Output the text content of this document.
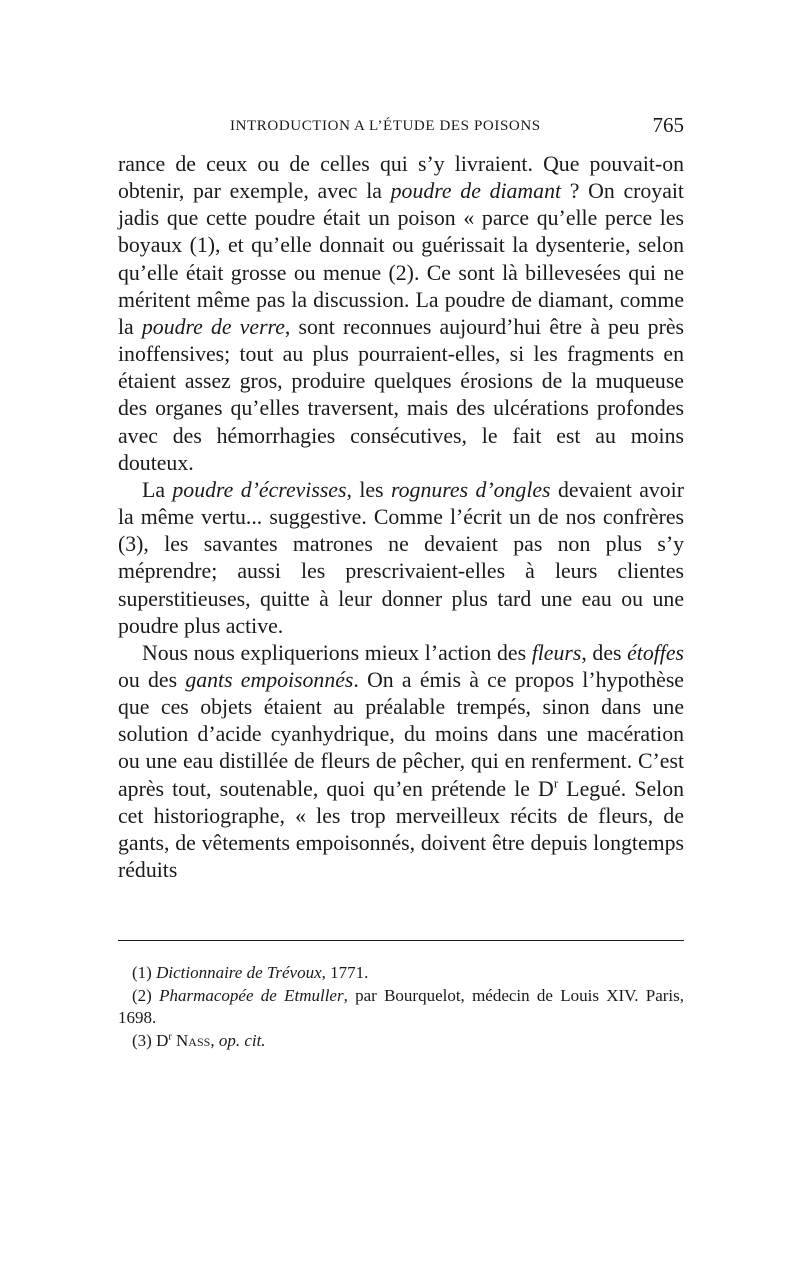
INTRODUCTION A L’ÉTUDE DES POISONS	765

rance de ceux ou de celles qui s’y livraient. Que pouvait-on obtenir, par exemple, avec la poudre de diamant ? On croyait jadis que cette poudre était un poison « parce qu’elle perce les boyaux (1), et qu’elle donnait ou guérissait la dysenterie, selon qu’elle était grosse ou menue (2). Ce sont là billevesées qui ne méritent même pas la discussion. La poudre de diamant, comme la poudre de verre, sont reconnues aujourd’hui être à peu près inoffensives; tout au plus pourraient-elles, si les fragments en étaient assez gros, produire quelques érosions de la muqueuse des organes qu’elles traversent, mais des ulcérations profondes avec des hémorrhagies consécutives, le fait est au moins douteux.

La poudre d’écrevisses, les rognures d’ongles devaient avoir la même vertu... suggestive. Comme l’écrit un de nos confrères (3), les savantes matrones ne devaient pas non plus s’y méprendre; aussi les prescrivaient-elles à leurs clientes superstitieuses, quitte à leur donner plus tard une eau ou une poudre plus active.

Nous nous expliquerions mieux l’action des fleurs, des étoffes ou des gants empoisonnés. On a émis à ce propos l’hypothèse que ces objets étaient au préalable trempés, sinon dans une solution d’acide cyanhydrique, du moins dans une macération ou une eau distillée de fleurs de pêcher, qui en renferment. C’est après tout, soutenable, quoi qu’en prétende le $D^r$ Legué. Selon cet historiographe, « les trop merveilleux récits de fleurs, de gants, de vêtements empoisonnés, doivent être depuis longtemps réduits

(1) Dictionnaire de Trévoux, 1771.

(2) Pharmacopée de Etmuller, par Bourquelot, médecin de Louis XIV. Paris, 1698.

(3) $D^r$ Nass, op. cit.
